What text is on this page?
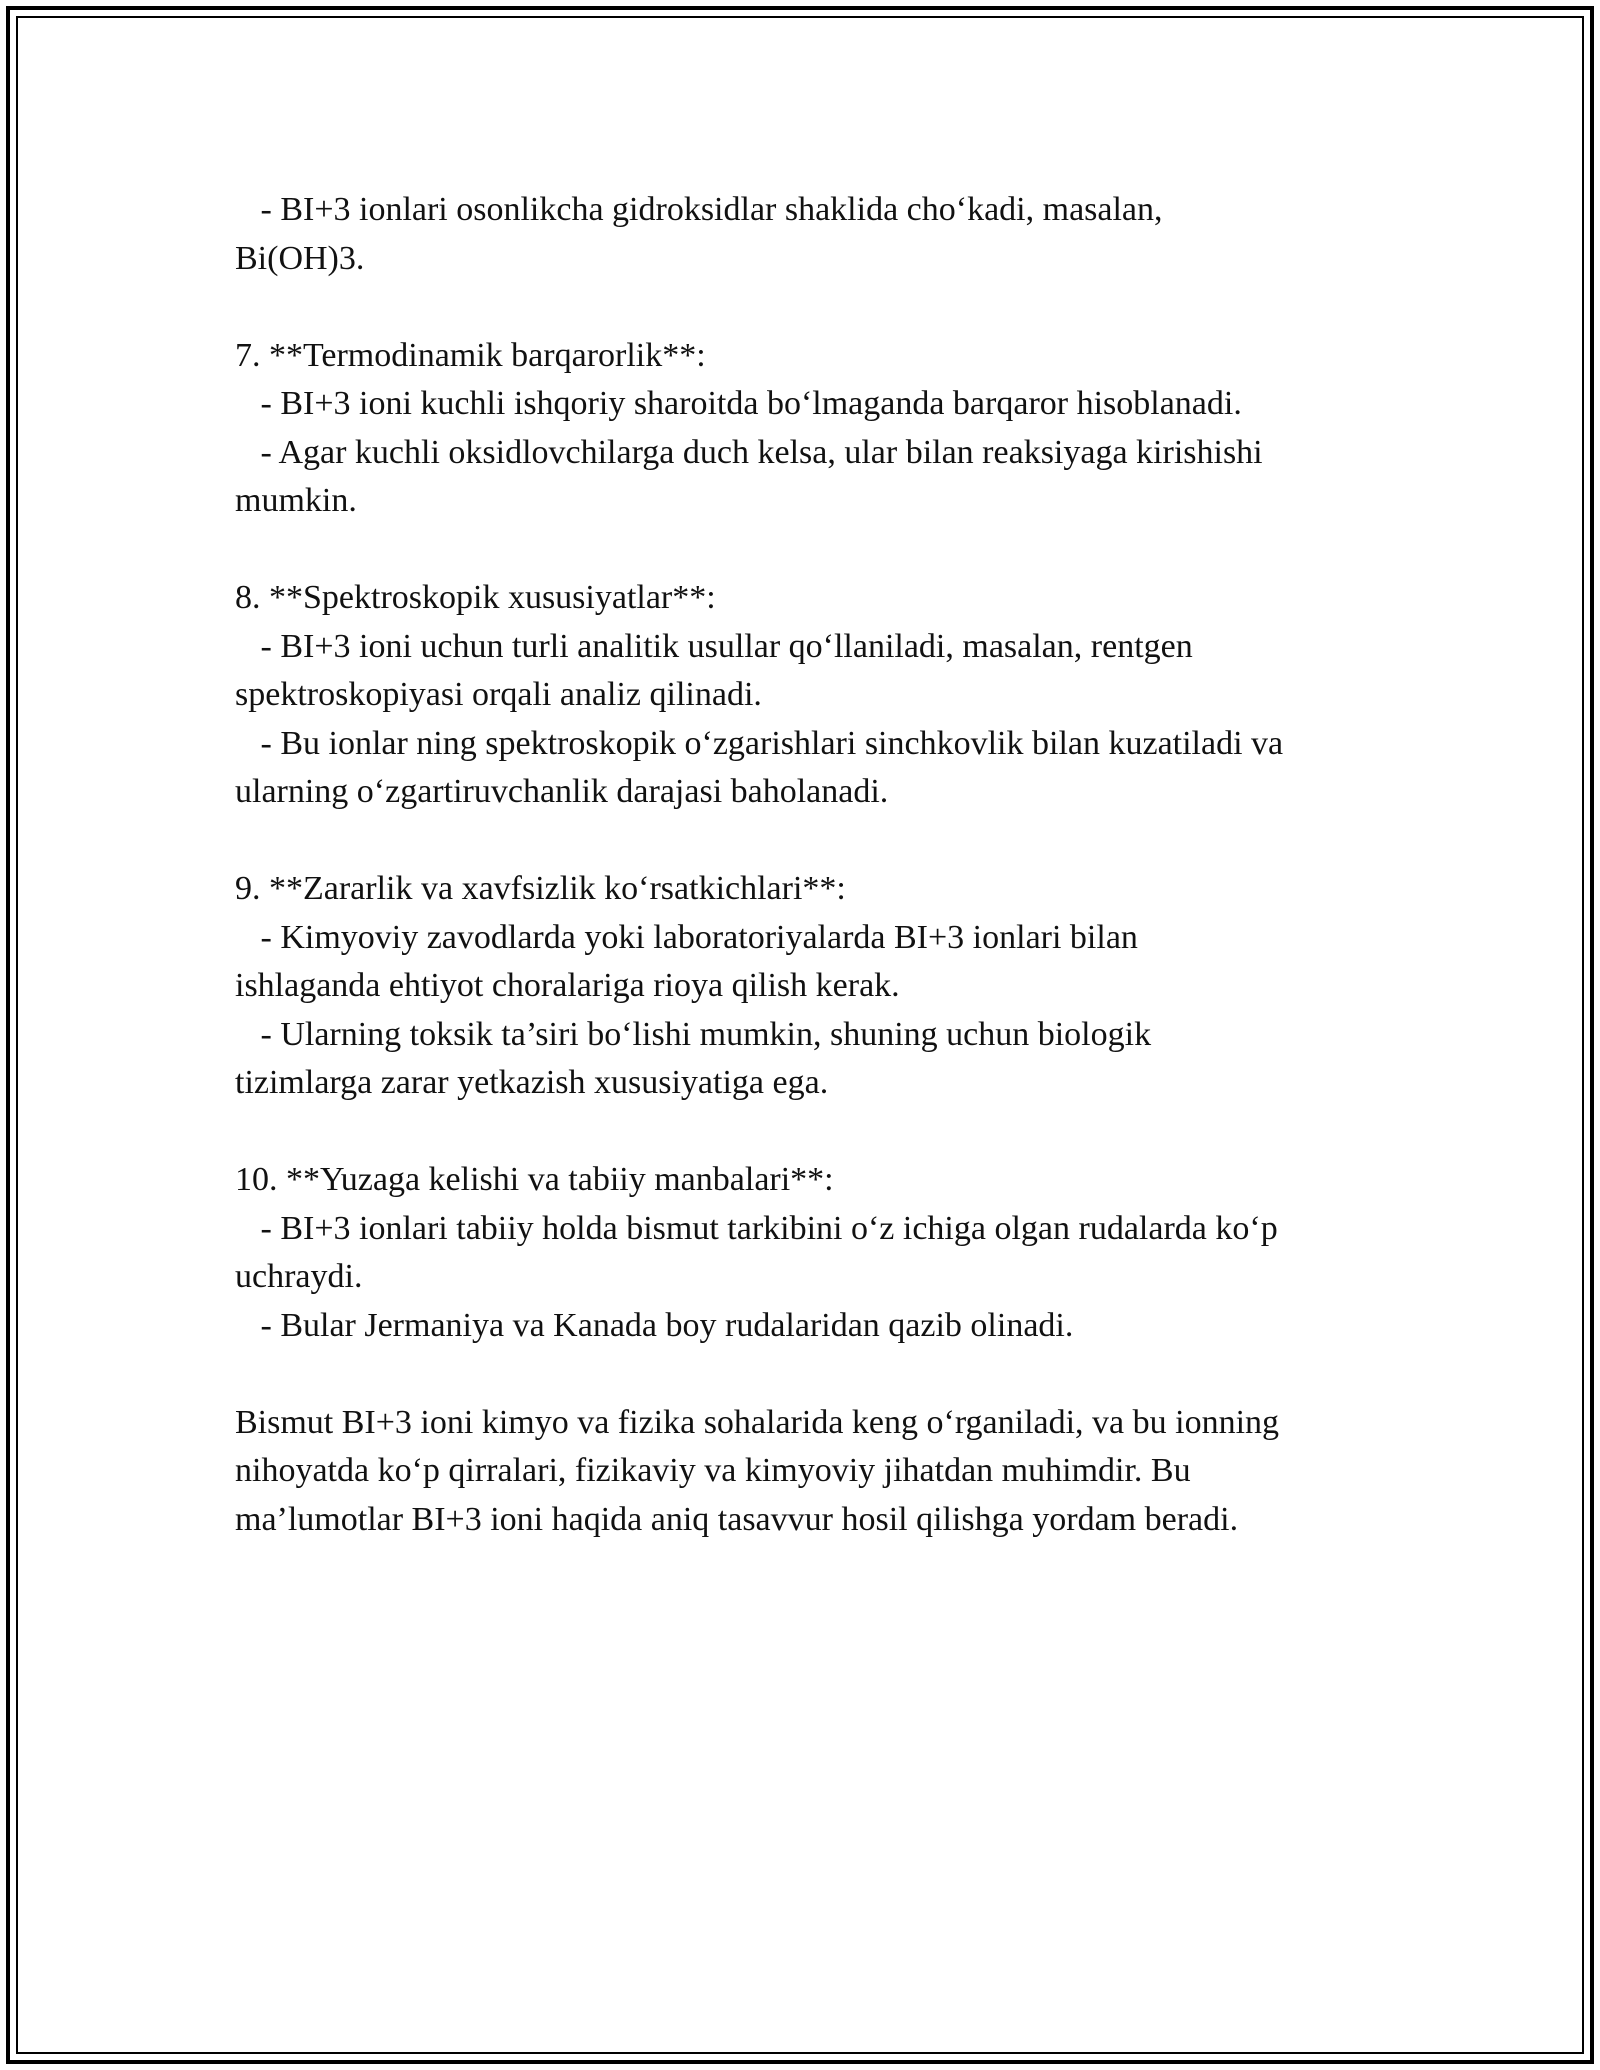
- BI+3 ionlari osonlikcha gidroksidlar shaklida cho‘kadi, masalan,
Bi(OH)3.
7. **Termodinamik barqarorlik**:
- BI+3 ioni kuchli ishqoriy sharoitda bo‘lmaganda barqaror hisoblanadi.
- Agar kuchli oksidlovchilarga duch kelsa, ular bilan reaksiyaga kirishishi
mumkin.
8. **Spektroskopik xususiyatlar**:
- BI+3 ioni uchun turli analitik usullar qo‘llaniladi, masalan, rentgen
spektroskopiyasi orqali analiz qilinadi.
- Bu ionlar ning spektroskopik o‘zgarishlari sinchkovlik bilan kuzatiladi va
ularning o‘zgartiruvchanlik darajasi baholanadi.
9. **Zararlik va xavfsizlik ko‘rsatkichlari**:
- Kimyoviy zavodlarda yoki laboratoriyalarda BI+3 ionlari bilan
ishlaganda ehtiyot choralariga rioya qilish kerak.
- Ularning toksik ta’siri bo‘lishi mumkin, shuning uchun biologik
tizimlarga zarar yetkazish xususiyatiga ega.
10. **Yuzaga kelishi va tabiiy manbalari**:
- BI+3 ionlari tabiiy holda bismut tarkibini o‘z ichiga olgan rudalarda ko‘p
uchraydi.
- Bular Jermaniya va Kanada boy rudalaridan qazib olinadi.
Bismut BI+3 ioni kimyo va fizika sohalarida keng o‘rganiladi, va bu ionning
nihoyatda ko‘p qirralari, fizikaviy va kimyoviy jihatdan muhimdir. Bu
ma’lumotlar BI+3 ioni haqida aniq tasavvur hosil qilishga yordam beradi.
